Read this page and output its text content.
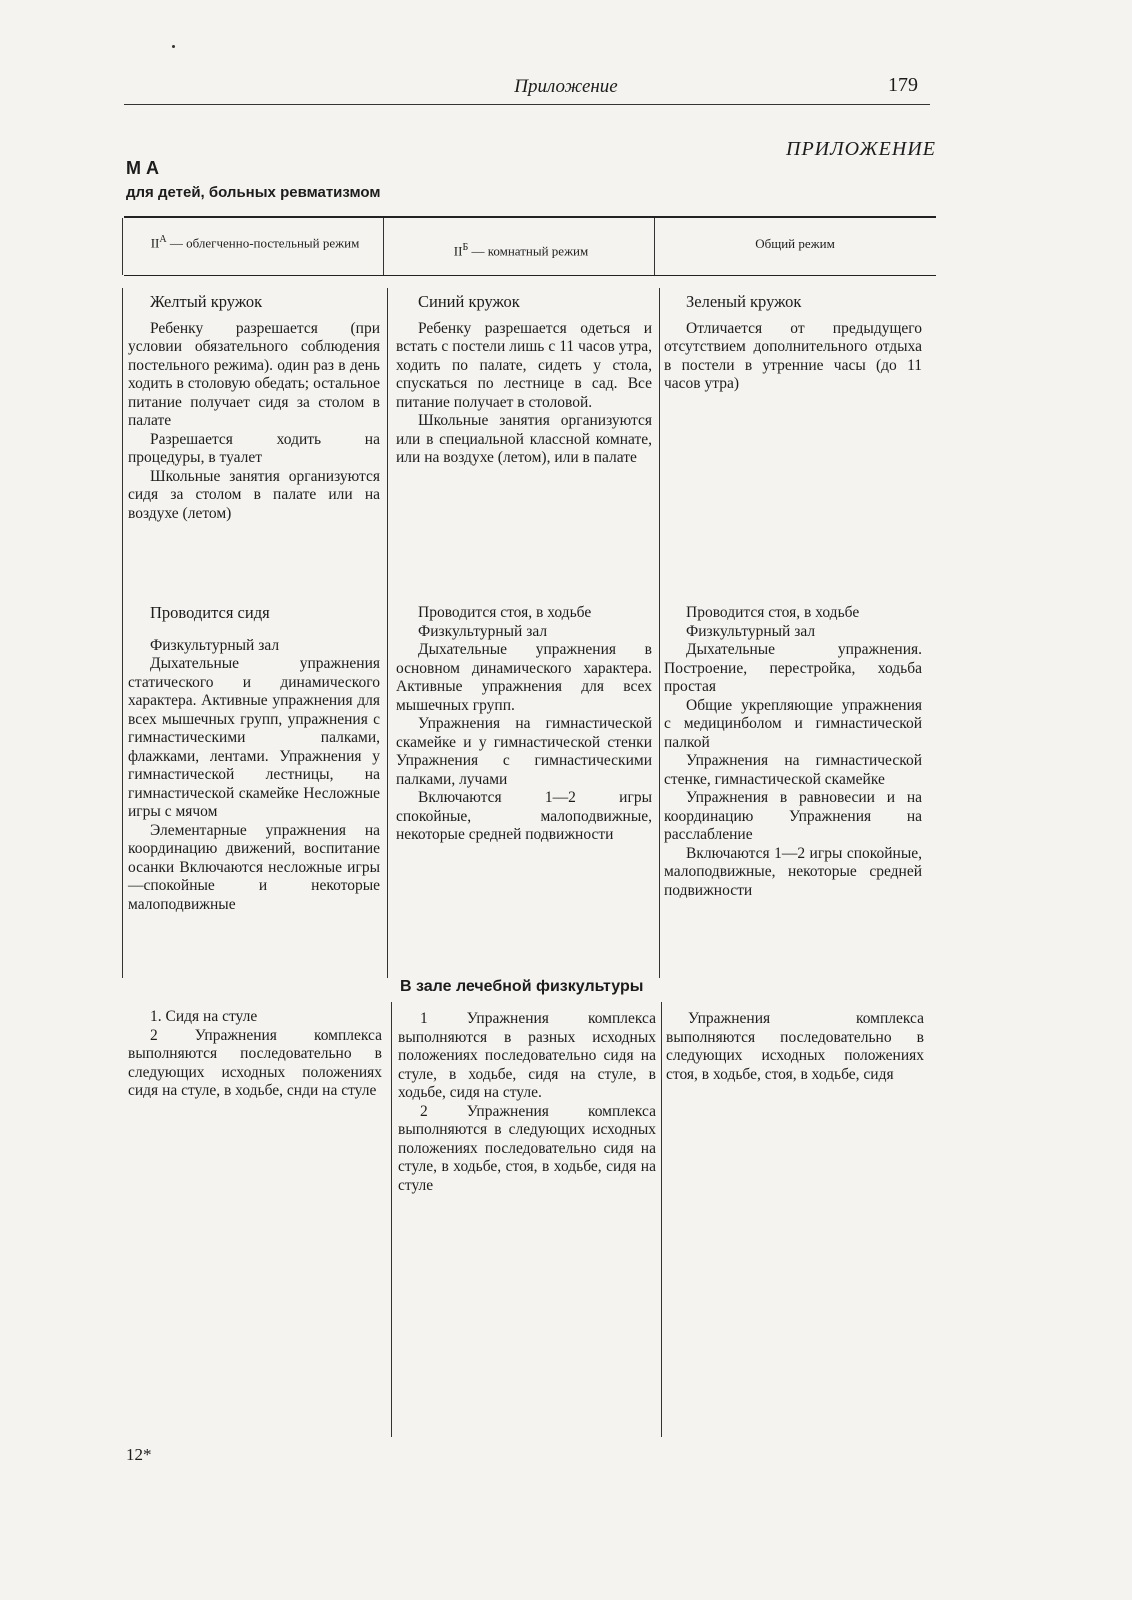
Приложение	179
ПРИЛОЖЕНИЕ
М А
для детей, больных ревматизмом
$II^А$ — облегченно-постельный режим
$II^Б$ — комнатный режим	Общий режим

Желтый кружок

Ребенку разрешается (при условии обязательного соблюдения постельного режима). один раз в день ходить в столовую обедать; остальное питание получает сидя за столом в палате

Разрешается ходить на процедуры, в туалет

Школьные занятия организуются сидя за столом в палате или на воздухе (летом)

Синий кружок

Ребенку разрешается одеться и встать с постели лишь с 11 часов утра, ходить по палате, сидеть у стола, спускаться по лестнице в сад. Все питание получает в столовой.

Школьные занятия организуются или в специальной классной комнате, или на воздухе (летом), или в палате

Зеленый кружок

Отличается от предыдущего отсутствием дополнительного отдыха в постели в утренние часы (до 11 часов утра)

Проводится сидя

Физкультурный зал

Дыхательные упражнения статического и динамического характера. Активные упражнения для всех мышечных групп, упражнения с гимнастическими палками, флажками, лентами. Упражнения у гимнастической лестницы, на гимнастической скамейке Несложные игры с мячом

Элементарные упражнения на координацию движений, воспитание осанки Включаются несложные игры—спокойные и некоторые малоподвижные

Проводится стоя, в ходьбе

Физкультурный зал

Дыхательные упражнения в основном динамического характера. Активные упражнения для всех мышечных групп.

Упражнения на гимнастической скамейке и у гимнастической стенки Упражнения с гимнастическими палками, лучами

Включаются 1—2 игры спокойные, малоподвижные, некоторые средней подвижности

Проводится стоя, в ходьбе

Физкультурный зал

Дыхательные упражнения. Построение, перестройка, ходьба простая

Общие укрепляющие упражнения с медицинболом и гимнастической палкой

Упражнения на гимнастической стенке, гимнастической скамейке

Упражнения в равновесии и на координацию Упражнения на расслабление

Включаются 1—2 игры спокойные, малоподвижные, некоторые средней подвижности

В зале лечебной физкультуры

1. Сидя на стуле

2 Упражнения комплекса выполняются последовательно в следующих исходных положениях сидя на стуле, в ходьбе, снди на стуле

1 Упражнения комплекса выполняются в разных исходных положениях последовательно сидя на стуле, в ходьбе, сидя на стуле, в ходьбе, сидя на стуле.

2 Упражнения комплекса выполняются в следующих исходных положениях последовательно сидя на стуле, в ходьбе, стоя, в ходьбе, сидя на стуле

Упражнения комплекса выполняются последовательно в следующих исходных положениях стоя, в ходьбе, стоя, в ходьбе, сидя

12*
